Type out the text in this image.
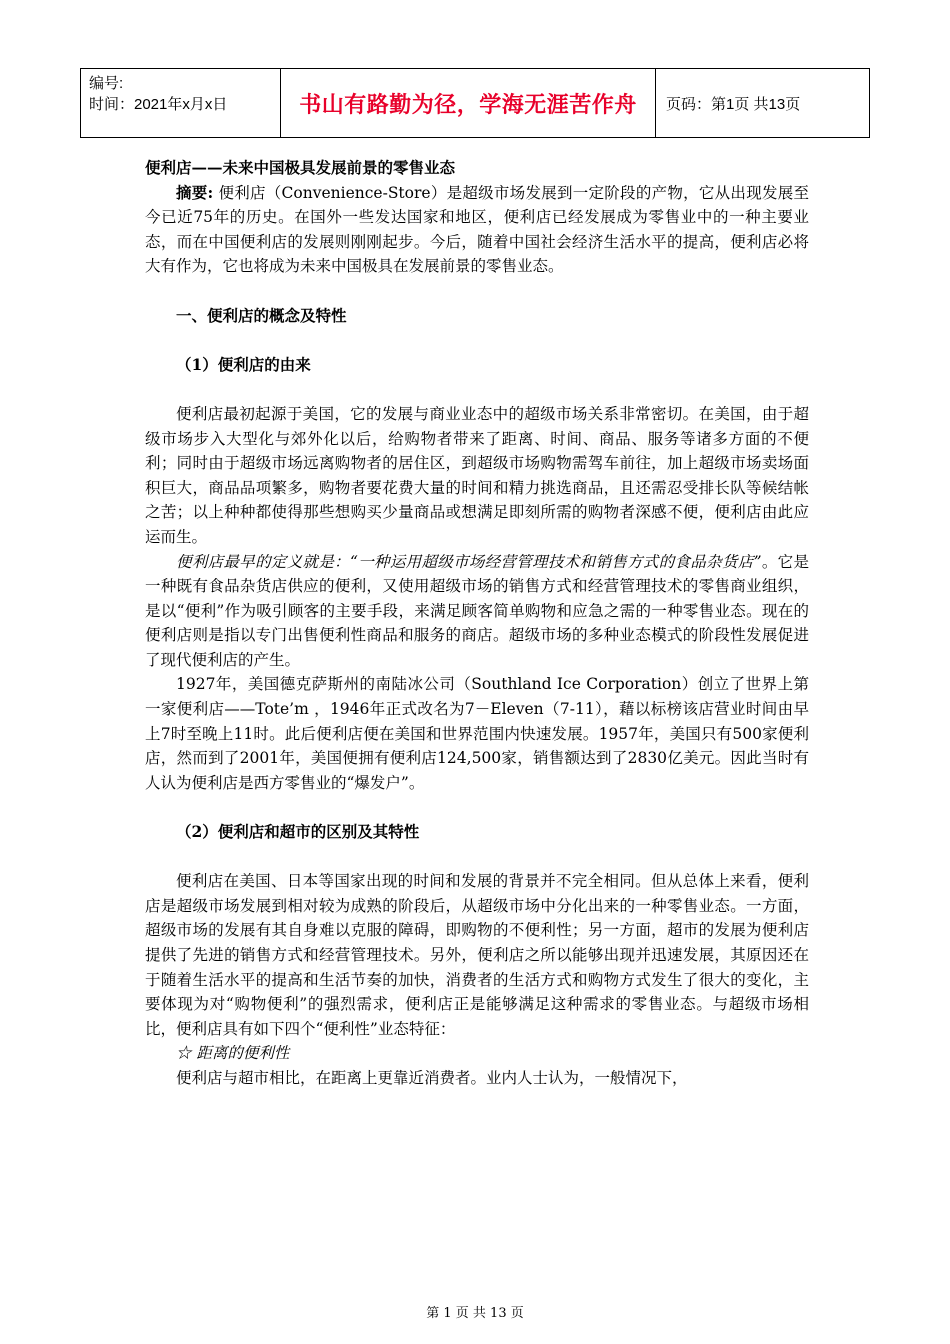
编号:
时间：2021年x月x日	书山有路勤为径，学海无涯苦作舟	页码：第1页 共13页

便利店——未来中国极具发展前景的零售业态

摘要: 便利店（Convenience-Store）是超级市场发展到一定阶段的产物，它从出现发展至今已近75年的历史。在国外一些发达国家和地区，便利店已经发展成为零售业中的一种主要业态，而在中国便利店的发展则刚刚起步。今后，随着中国社会经济生活水平的提高，便利店必将大有作为，它也将成为未来中国极具在发展前景的零售业态。

一、便利店的概念及特性

（1）便利店的由来

便利店最初起源于美国，它的发展与商业业态中的超级市场关系非常密切。在美国，由于超级市场步入大型化与郊外化以后，给购物者带来了距离、时间、商品、服务等诸多方面的不便利；同时由于超级市场远离购物者的居住区，到超级市场购物需驾车前往，加上超级市场卖场面积巨大，商品品项繁多，购物者要花费大量的时间和精力挑选商品，且还需忍受排长队等候结帐之苦；以上种种都使得那些想购买少量商品或想满足即刻所需的购物者深感不便，便利店由此应运而生。

便利店最早的定义就是：“一种运用超级市场经营管理技术和销售方式的食品杂货店”。它是一种既有食品杂货店供应的便利，又使用超级市场的销售方式和经营管理技术的零售商业组织，是以“便利”作为吸引顾客的主要手段，来满足顾客简单购物和应急之需的一种零售业态。现在的便利店则是指以专门出售便利性商品和服务的商店。超级市场的多种业态模式的阶段性发展促进了现代便利店的产生。

1927年，美国德克萨斯州的南陆冰公司（Southland Ice Corporation）创立了世界上第一家便利店——Tote’m ，1946年正式改名为7－Eleven（7-11），藉以标榜该店营业时间由早上7时至晚上11时。此后便利店便在美国和世界范围内快速发展。1957年，美国只有500家便利店，然而到了2001年，美国便拥有便利店124,500家，销售额达到了2830亿美元。因此当时有人认为便利店是西方零售业的“爆发户”。

（2）便利店和超市的区别及其特性

便利店在美国、日本等国家出现的时间和发展的背景并不完全相同。但从总体上来看，便利店是超级市场发展到相对较为成熟的阶段后，从超级市场中分化出来的一种零售业态。一方面，超级市场的发展有其自身难以克服的障碍，即购物的不便利性；另一方面，超市的发展为便利店提供了先进的销售方式和经营管理技术。另外，便利店之所以能够出现并迅速发展，其原因还在于随着生活水平的提高和生活节奏的加快，消费者的生活方式和购物方式发生了很大的变化，主要体现为对“购物便利”的强烈需求，便利店正是能够满足这种需求的零售业态。与超级市场相比，便利店具有如下四个“便利性”业态特征：

☆ 距离的便利性

便利店与超市相比，在距离上更靠近消费者。业内人士认为，一般情况下，

第 1 页 共 13 页
